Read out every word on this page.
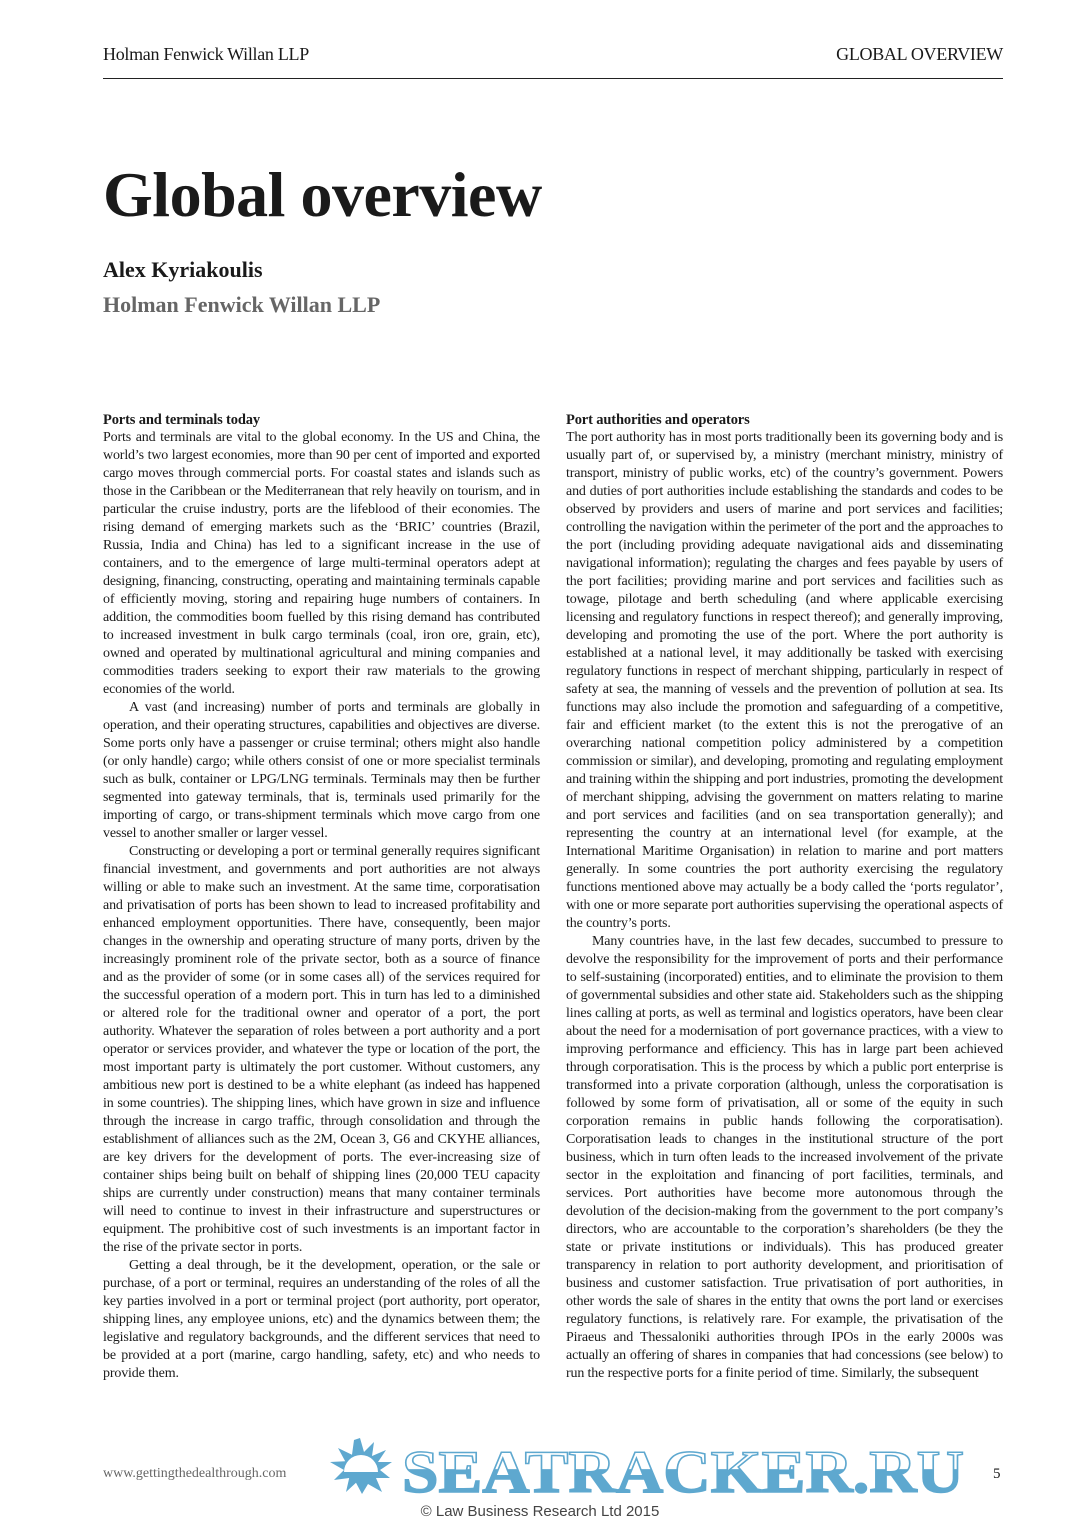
Holman Fenwick Willan LLP	GLOBAL OVERVIEW
Global overview
Alex Kyriakoulis
Holman Fenwick Willan LLP
Ports and terminals today

Ports and terminals are vital to the global economy. In the US and China, the world’s two largest economies, more than 90 per cent of imported and exported cargo moves through commercial ports. For coastal states and islands such as those in the Caribbean or the Mediterranean that rely heavily on tourism, and in particular the cruise industry, ports are the lifeblood of their economies. The rising demand of emerging markets such as the ‘BRIC’ countries (Brazil, Russia, India and China) has led to a significant increase in the use of containers, and to the emergence of large multi-terminal operators adept at designing, financing, constructing, operating and maintaining terminals capable of efficiently moving, storing and repairing huge numbers of containers. In addition, the commodities boom fuelled by this rising demand has contributed to increased investment in bulk cargo terminals (coal, iron ore, grain, etc), owned and operated by multinational agricultural and mining companies and commodities traders seeking to export their raw materials to the growing economies of the world.

A vast (and increasing) number of ports and terminals are globally in operation, and their operating structures, capabilities and objectives are diverse. Some ports only have a passenger or cruise terminal; others might also handle (or only handle) cargo; while others consist of one or more specialist terminals such as bulk, container or LPG/LNG terminals. Terminals may then be further segmented into gateway terminals, that is, terminals used primarily for the importing of cargo, or trans-shipment terminals which move cargo from one vessel to another smaller or larger vessel.

Constructing or developing a port or terminal generally requires significant financial investment, and governments and port authorities are not always willing or able to make such an investment. At the same time, corporatisation and privatisation of ports has been shown to lead to increased profitability and enhanced employment opportunities. There have, consequently, been major changes in the ownership and operating structure of many ports, driven by the increasingly prominent role of the private sector, both as a source of finance and as the provider of some (or in some cases all) of the services required for the successful operation of a modern port. This in turn has led to a diminished or altered role for the traditional owner and operator of a port, the port authority. Whatever the separation of roles between a port authority and a port operator or services provider, and whatever the type or location of the port, the most important party is ultimately the port customer. Without customers, any ambitious new port is destined to be a white elephant (as indeed has happened in some countries). The shipping lines, which have grown in size and influence through the increase in cargo traffic, through consolidation and through the establishment of alliances such as the 2M, Ocean 3, G6 and CKYHE alliances, are key drivers for the development of ports. The ever-increasing size of container ships being built on behalf of shipping lines (20,000 TEU capacity ships are currently under construction) means that many container terminals will need to continue to invest in their infrastructure and superstructures or equipment. The prohibitive cost of such investments is an important factor in the rise of the private sector in ports.

Getting a deal through, be it the development, operation, or the sale or purchase, of a port or terminal, requires an understanding of the roles of all the key parties involved in a port or terminal project (port authority, port operator, shipping lines, any employee unions, etc) and the dynamics between them; the legislative and regulatory backgrounds, and the different services that need to be provided at a port (marine, cargo handling, safety, etc) and who needs to provide them.

Port authorities and operators

The port authority has in most ports traditionally been its governing body and is usually part of, or supervised by, a ministry (merchant ministry, ministry of transport, ministry of public works, etc) of the country’s government. Powers and duties of port authorities include establishing the standards and codes to be observed by providers and users of marine and port services and facilities; controlling the navigation within the perimeter of the port and the approaches to the port (including providing adequate navigational aids and disseminating navigational information); regulating the charges and fees payable by users of the port facilities; providing marine and port services and facilities such as towage, pilotage and berth scheduling (and where applicable exercising licensing and regulatory functions in respect thereof); and generally improving, developing and promoting the use of the port. Where the port authority is established at a national level, it may additionally be tasked with exercising regulatory functions in respect of merchant shipping, particularly in respect of safety at sea, the manning of vessels and the prevention of pollution at sea. Its functions may also include the promotion and safeguarding of a competitive, fair and efficient market (to the extent this is not the prerogative of an overarching national competition policy administered by a competition commission or similar), and developing, promoting and regulating employment and training within the shipping and port industries, promoting the development of merchant shipping, advising the government on matters relating to marine and port services and facilities (and on sea transportation generally); and representing the country at an international level (for example, at the International Maritime Organisation) in relation to marine and port matters generally. In some countries the port authority exercising the regulatory functions mentioned above may actually be a body called the ‘ports regulator’, with one or more separate port authorities supervising the operational aspects of the country’s ports.

Many countries have, in the last few decades, succumbed to pressure to devolve the responsibility for the improvement of ports and their performance to self-sustaining (incorporated) entities, and to eliminate the provision to them of governmental subsidies and other state aid. Stakeholders such as the shipping lines calling at ports, as well as terminal and logistics operators, have been clear about the need for a modernisation of port governance practices, with a view to improving performance and efficiency. This has in large part been achieved through corporatisation. This is the process by which a public port enterprise is transformed into a private corporation (although, unless the corporatisation is followed by some form of privatisation, all or some of the equity in such corporation remains in public hands following the corporatisation). Corporatisation leads to changes in the institutional structure of the port business, which in turn often leads to the increased involvement of the private sector in the exploitation and financing of port facilities, terminals, and services. Port authorities have become more autonomous through the devolution of the decision-making from the government to the port company’s directors, who are accountable to the corporation’s shareholders (be they the state or private institutions or individuals). This has produced greater transparency in relation to port authority development, and prioritisation of business and customer satisfaction. True privatisation of port authorities, in other words the sale of shares in the entity that owns the port land or exercises regulatory functions, is relatively rare. For example, the privatisation of the Piraeus and Thessaloniki authorities through IPOs in the early 2000s was actually an offering of shares in companies that had concessions (see below) to run the respective ports for a finite period of time. Similarly, the subsequent

www.gettingthedealthrough.com	5
SEATRACKER.RU
© Law Business Research Ltd 2015
